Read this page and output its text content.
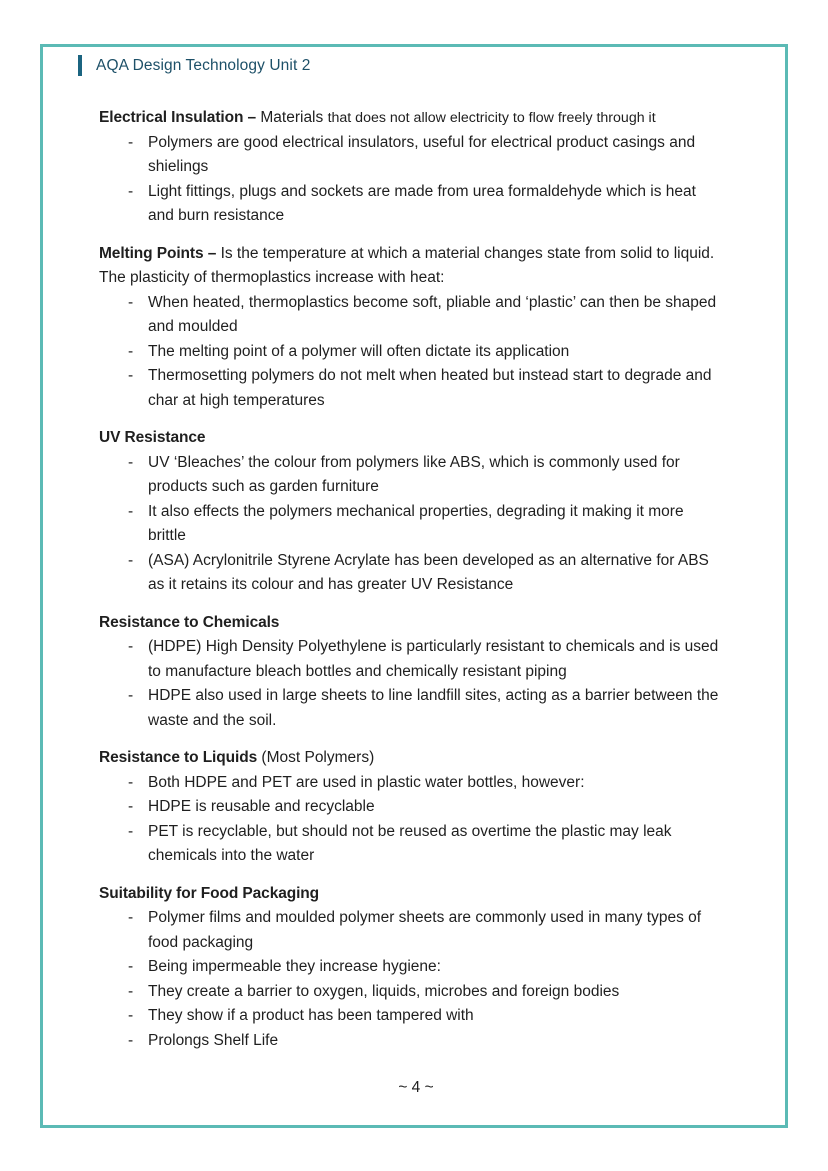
AQA Design Technology Unit 2

Electrical Insulation – Materials that does not allow electricity to flow freely through it

- Polymers are good electrical insulators, useful for electrical product casings and shielings
- Light fittings, plugs and sockets are made from urea formaldehyde which is heat and burn resistance

Melting Points – Is the temperature at which a material changes state from solid to liquid. The plasticity of thermoplastics increase with heat:

- When heated, thermoplastics become soft, pliable and ‘plastic’ can then be shaped and moulded
- The melting point of a polymer will often dictate its application
- Thermosetting polymers do not melt when heated but instead start to degrade and char at high temperatures

UV Resistance

- UV ‘Bleaches’ the colour from polymers like ABS, which is commonly used for products such as garden furniture
- It also effects the polymers mechanical properties, degrading it making it more brittle
- (ASA) Acrylonitrile Styrene Acrylate has been developed as an alternative for ABS as it retains its colour and has greater UV Resistance

Resistance to Chemicals

- (HDPE) High Density Polyethylene is particularly resistant to chemicals and is used to manufacture bleach bottles and chemically resistant piping
- HDPE also used in large sheets to line landfill sites, acting as a barrier between the waste and the soil.

Resistance to Liquids (Most Polymers)

- Both HDPE and PET are used in plastic water bottles, however:
- HDPE is reusable and recyclable
- PET is recyclable, but should not be reused as overtime the plastic may leak chemicals into the water

Suitability for Food Packaging

- Polymer films and moulded polymer sheets are commonly used in many types of food packaging
- Being impermeable they increase hygiene:
- They create a barrier to oxygen, liquids, microbes and foreign bodies
- They show if a product has been tampered with
- Prolongs Shelf Life
~ 4 ~
